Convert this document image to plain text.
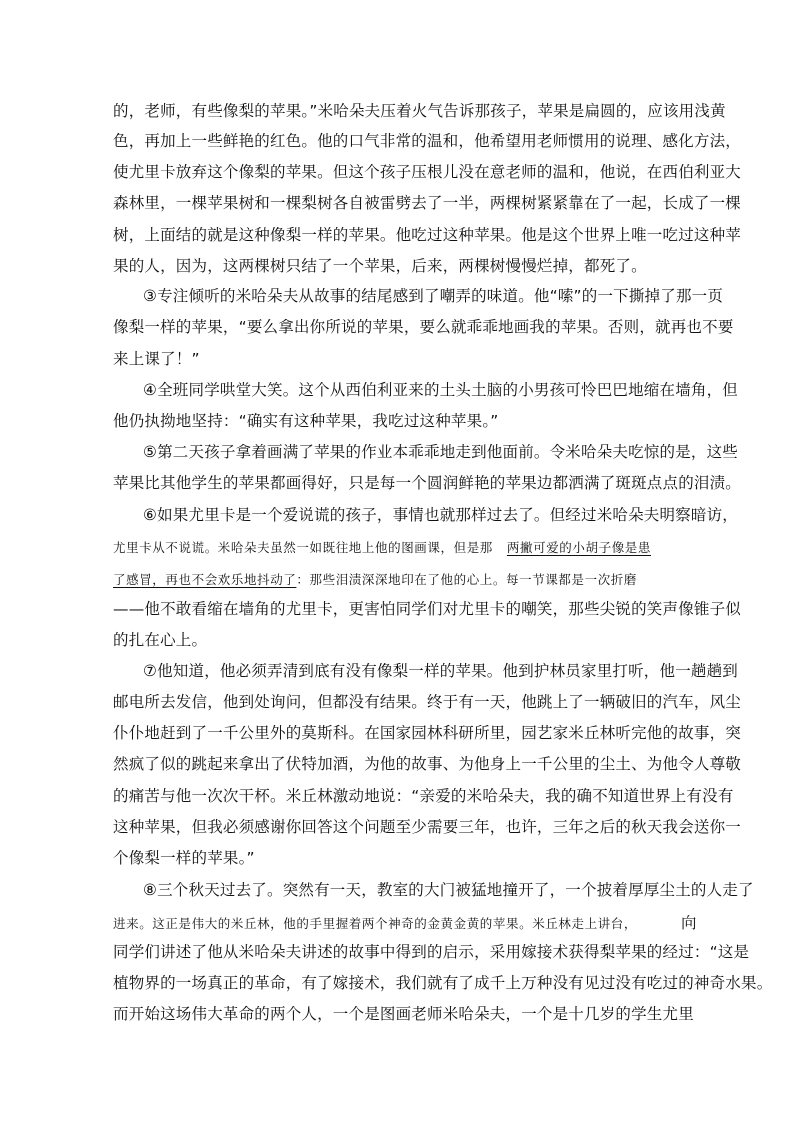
的，老师，有些像梨的苹果。”米哈朵夫压着火气告诉那孩子，苹果是扁圆的，应该用浅黄
色，再加上一些鲜艳的红色。他的口气非常的温和，他希望用老师惯用的说理、感化方法，
使尤里卡放弃这个像梨的苹果。但这个孩子压根儿没在意老师的温和，他说，在西伯利亚大
森林里，一棵苹果树和一棵梨树各自被雷劈去了一半，两棵树紧紧靠在了一起，长成了一棵
树，上面结的就是这种像梨一样的苹果。他吃过这种苹果。他是这个世界上唯一吃过这种苹
果的人，因为，这两棵树只结了一个苹果，后来，两棵树慢慢烂掉，都死了。
③专注倾听的米哈朵夫从故事的结尾感到了嘲弄的味道。他“嗦”的一下撕掉了那一页
像梨一样的苹果，“要么拿出你所说的苹果，要么就乖乖地画我的苹果。否则，就再也不要
来上课了！”
④全班同学哄堂大笑。这个从西伯利亚来的土头土脑的小男孩可怜巴巴地缩在墙角，但
他仍执拗地坚持：“确实有这种苹果，我吃过这种苹果。”
⑤第二天孩子拿着画满了苹果的作业本乖乖地走到他面前。令米哈朵夫吃惊的是，这些
苹果比其他学生的苹果都画得好，只是每一个圆润鲜艳的苹果边都洒满了斑斑点点的泪渍。
⑥如果尤里卡是一个爱说谎的孩子，事情也就那样过去了。但经过米哈朵夫明察暗访，
尤里卡从不说谎。米哈朵夫虽然一如既往地上他的图画课，但是那 两撇可爱的小胡子像是患
了感冒，再也不会欢乐地抖动了：那些泪渍深深地印在了他的心上。每一节课都是一次折磨
——他不敢看缩在墙角的尤里卡，更害怕同学们对尤里卡的嘲笑，那些尖锐的笑声像锥子似
的扎在心上。
⑦他知道，他必须弄清到底有没有像梨一样的苹果。他到护林员家里打听，他一趟趟到
邮电所去发信，他到处询问，但都没有结果。终于有一天，他跳上了一辆破旧的汽车，风尘
仆仆地赶到了一千公里外的莫斯科。在国家园林科研所里，园艺家米丘林听完他的故事，突
然疯了似的跳起来拿出了伏特加酒，为他的故事、为他身上一千公里的尘土、为他令人尊敬
的痛苦与他一次次干杯。米丘林激动地说：“亲爱的米哈朵夫，我的确不知道世界上有没有
这种苹果，但我必须感谢你回答这个问题至少需要三年，也许，三年之后的秋天我会送你一
个像梨一样的苹果。”
⑧三个秋天过去了。突然有一天，教室的大门被猛地撞开了，一个披着厚厚尘土的人走了
进来。这正是伟大的米丘林，他的手里握着两个神奇的金黄金黄的苹果。米丘林走上讲台，	向
同学们讲述了他从米哈朵夫讲述的故事中得到的启示，采用嫁接术获得梨苹果的经过：“这是
植物界的一场真正的革命，有了嫁接术，我们就有了成千上万种没有见过没有吃过的神奇水果。
而开始这场伟大革命的两个人，一个是图画老师米哈朵夫，一个是十几岁的学生尤里
